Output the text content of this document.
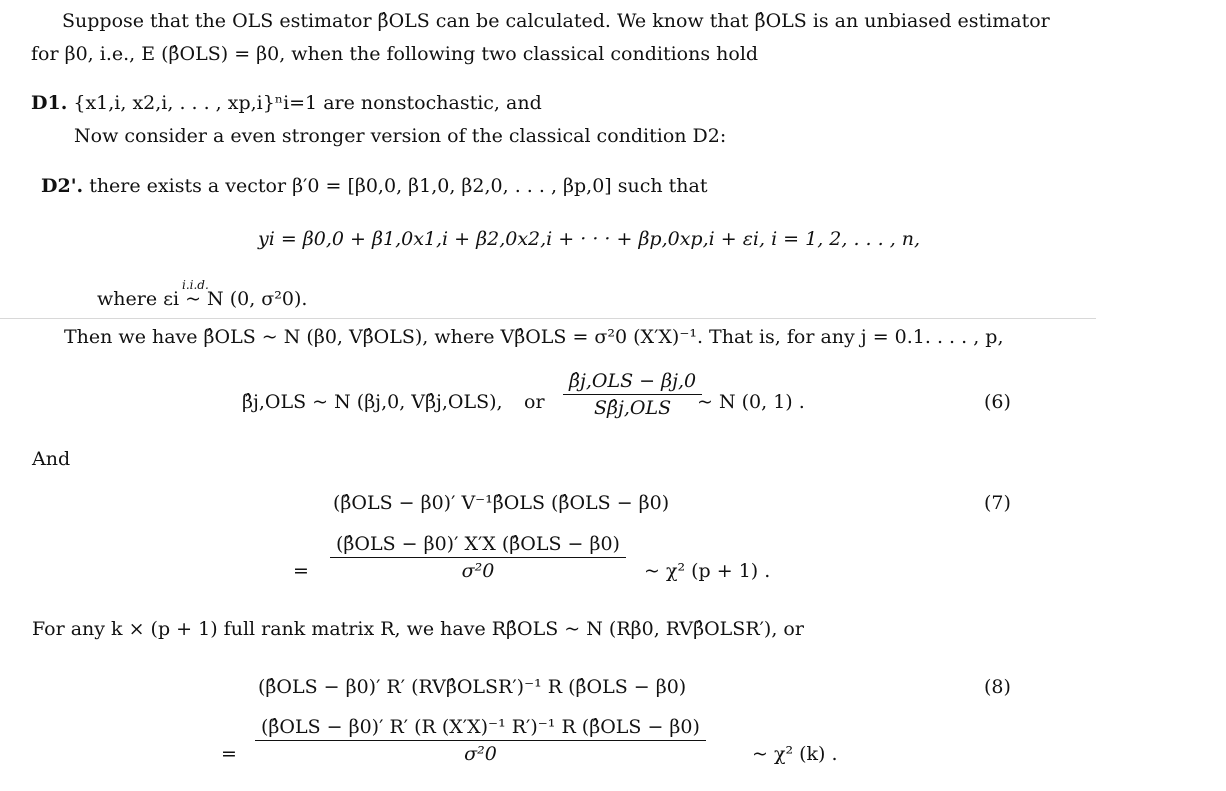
Suppose that the OLS estimator β̂OLS can be calculated. We know that β̂OLS is an unbiased estimator
for β0, i.e., E (β̂OLS) = β0, when the following two classical conditions hold
D1. {x1,i, x2,i, . . . , xp,i}ⁿi=1 are nonstochastic, and
Now consider a even stronger version of the classical condition D2:
D2'. there exists a vector β′0 = [β0,0, β1,0, β2,0, . . . , βp,0] such that
yi = β0,0 + β1,0x1,i + β2,0x2,i + · · · + βp,0xp,i + εi, i = 1, 2, . . . , n,
where εi ~ N (0, σ²0).
i.i.d.
Then we have β̂OLS ~ N (β0, Vβ̂OLS), where Vβ̂OLS = σ²0 (X′X)⁻¹. That is, for any j = 0.1. . . . , p,
β̂j,OLS ~ N (βj,0, Vβ̂j,OLS), or $\frac{\text{β̂j,OLS − βj,0}}{\text{Sβ̂j,OLS}}$
~ N (0, 1) .	(6)
And
(β̂OLS − β0)′ V⁻¹β̂OLS (β̂OLS − β0)	(7)
= $\frac{\text{(β̂OLS − β0)′ X′X (β̂OLS − β0)}}{\text{σ²0}}$ ~ χ² (p + 1) .
For any k × (p + 1) full rank matrix R, we have Rβ̂OLS ~ N (Rβ0, RVβ̂OLSR′), or
(β̂OLS − β0)′ R′ (RVβ̂OLSR′)⁻¹ R (β̂OLS − β0)	(8)
= $\frac{\text{(β̂OLS − β0)′ R′ (R (X′X)⁻¹ R′)⁻¹ R (β̂OLS − β0)}}{\text{σ²0}}$ ~ χ² (k) .
